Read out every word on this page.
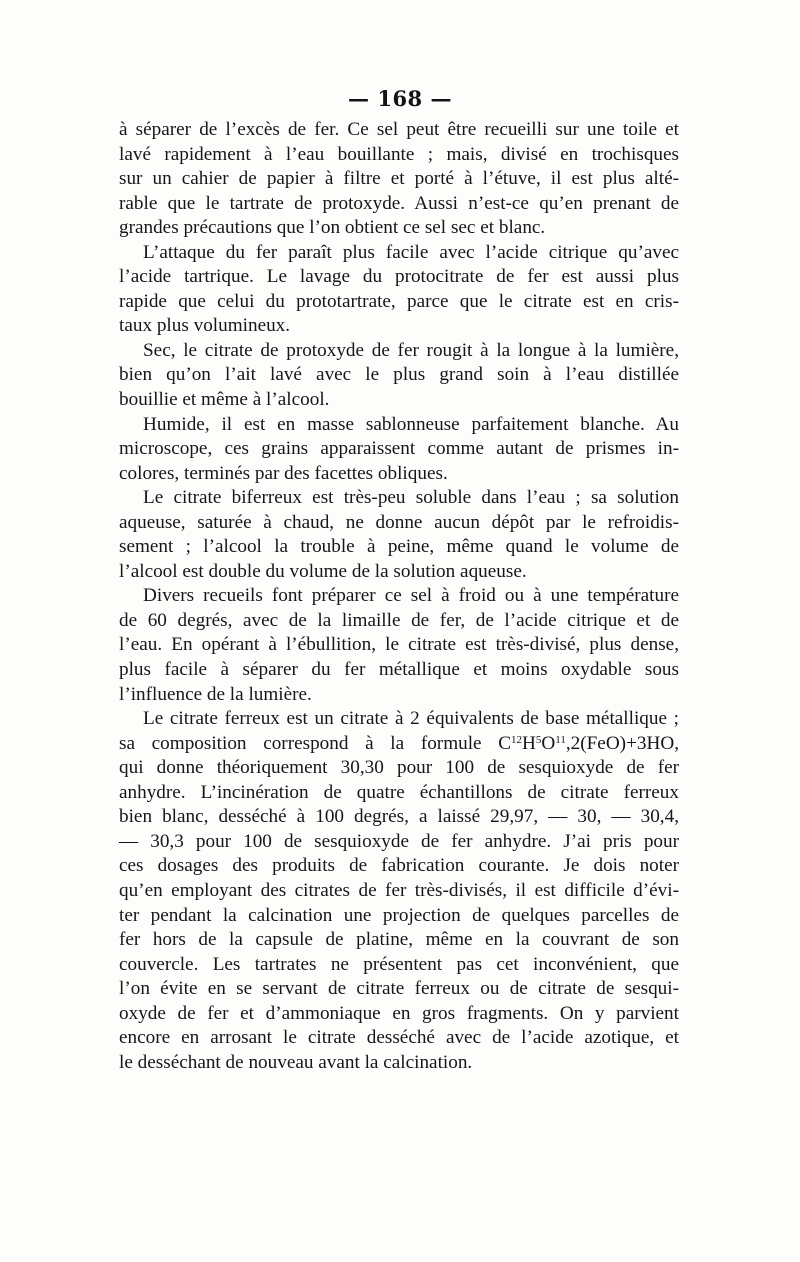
— 168 —
à séparer de l’excès de fer. Ce sel peut être recueilli sur une toile et
lavé rapidement à l’eau bouillante ; mais, divisé en trochisques
sur un cahier de papier à filtre et porté à l’étuve, il est plus alté-
rable que le tartrate de protoxyde. Aussi n’est-ce qu’en prenant de
grandes précautions que l’on obtient ce sel sec et blanc.
L’attaque du fer paraît plus facile avec l’acide citrique qu’avec
l’acide tartrique. Le lavage du protocitrate de fer est aussi plus
rapide que celui du prototartrate, parce que le citrate est en cris-
taux plus volumineux.
Sec, le citrate de protoxyde de fer rougit à la longue à la lumière,
bien qu’on l’ait lavé avec le plus grand soin à l’eau distillée
bouillie et même à l’alcool.
Humide, il est en masse sablonneuse parfaitement blanche. Au
microscope, ces grains apparaissent comme autant de prismes in-
colores, terminés par des facettes obliques.
Le citrate biferreux est très-peu soluble dans l’eau ; sa solution
aqueuse, saturée à chaud, ne donne aucun dépôt par le refroidis-
sement ; l’alcool la trouble à peine, même quand le volume de
l’alcool est double du volume de la solution aqueuse.
Divers recueils font préparer ce sel à froid ou à une température
de 60 degrés, avec de la limaille de fer, de l’acide citrique et de
l’eau. En opérant à l’ébullition, le citrate est très-divisé, plus dense,
plus facile à séparer du fer métallique et moins oxydable sous
l’influence de la lumière.
Le citrate ferreux est un citrate à 2 équivalents de base métallique ;
sa composition correspond à la formule $C^{12}H^5O^{11},2(FeO)+3HO$,
qui donne théoriquement 30,30 pour 100 de sesquioxyde de fer
anhydre. L’incinération de quatre échantillons de citrate ferreux
bien blanc, desséché à 100 degrés, a laissé 29,97, — 30, — 30,4,
— 30,3 pour 100 de sesquioxyde de fer anhydre. J’ai pris pour
ces dosages des produits de fabrication courante. Je dois noter
qu’en employant des citrates de fer très-divisés, il est difficile d’évi-
ter pendant la calcination une projection de quelques parcelles de
fer hors de la capsule de platine, même en la couvrant de son
couvercle. Les tartrates ne présentent pas cet inconvénient, que
l’on évite en se servant de citrate ferreux ou de citrate de sesqui-
oxyde de fer et d’ammoniaque en gros fragments. On y parvient
encore en arrosant le citrate desséché avec de l’acide azotique, et
le desséchant de nouveau avant la calcination.
